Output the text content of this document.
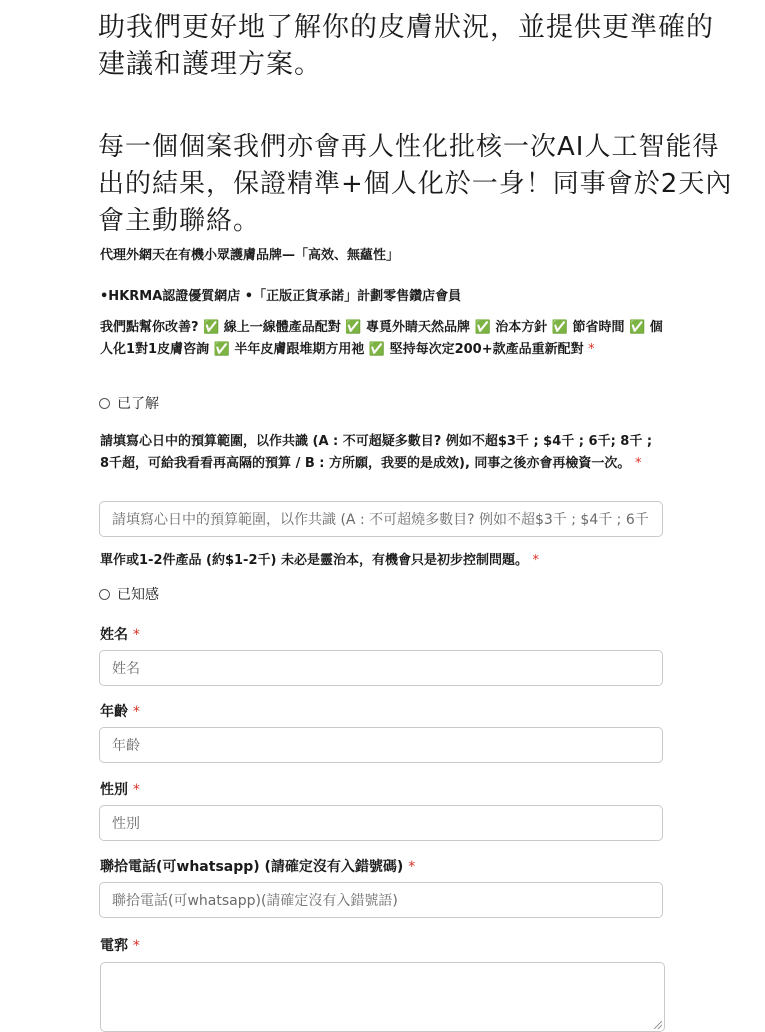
助我們更好地了解你的皮膚狀況，並提供更準確的建議和護理方案。
每一個個案我們亦會再人性化批核一次AI人工智能得出的結果，保證精準+個人化於一身！同事會於2天內會主動聯絡。

代理外網天在有機小眾護膚品牌—「高效、無蘊性」

•HKRMA認證優質網店 •「正版正貨承諾」計劃零售鑽店會員

我們點幫你改善? ✅ 線上一線體產品配對 ✅ 專覓外睛天然品牌 ✅ 治本方針 ✅ 節省時間 ✅ 個人化1對1皮膚咨詢 ✅ 半年皮膚跟堆期方用祂 ✅ 堅持每次定200+款產品重新配對 *

已了解

請填寫心日中的預算範圍，以作共識 (A : 不可超疑多數目? 例如不超$3千 ; $4千 ; 6千; 8千 ; 8千超，可給我看看再高隔的預算 / B : 方所願，我要的是成效), 同事之後亦會再檢資一次。 *

請填寫心日中的預算範圍，以作共識 (A : 不可超燒多數目? 例如不超$3千 ; $4千 ; 6千

單作或1-2件產品 (約$1-2千) 未必是靈治本，有機會只是初步控制問題。 *

已知感
姓名 *
姓名
年齡 *
年齡
性別 *
性別
聯拾電話(可whatsapp) (請確定沒有入錯號碼) *
聯拾電話(可whatsapp)(請確定沒有入錯號語)
電郛 *
